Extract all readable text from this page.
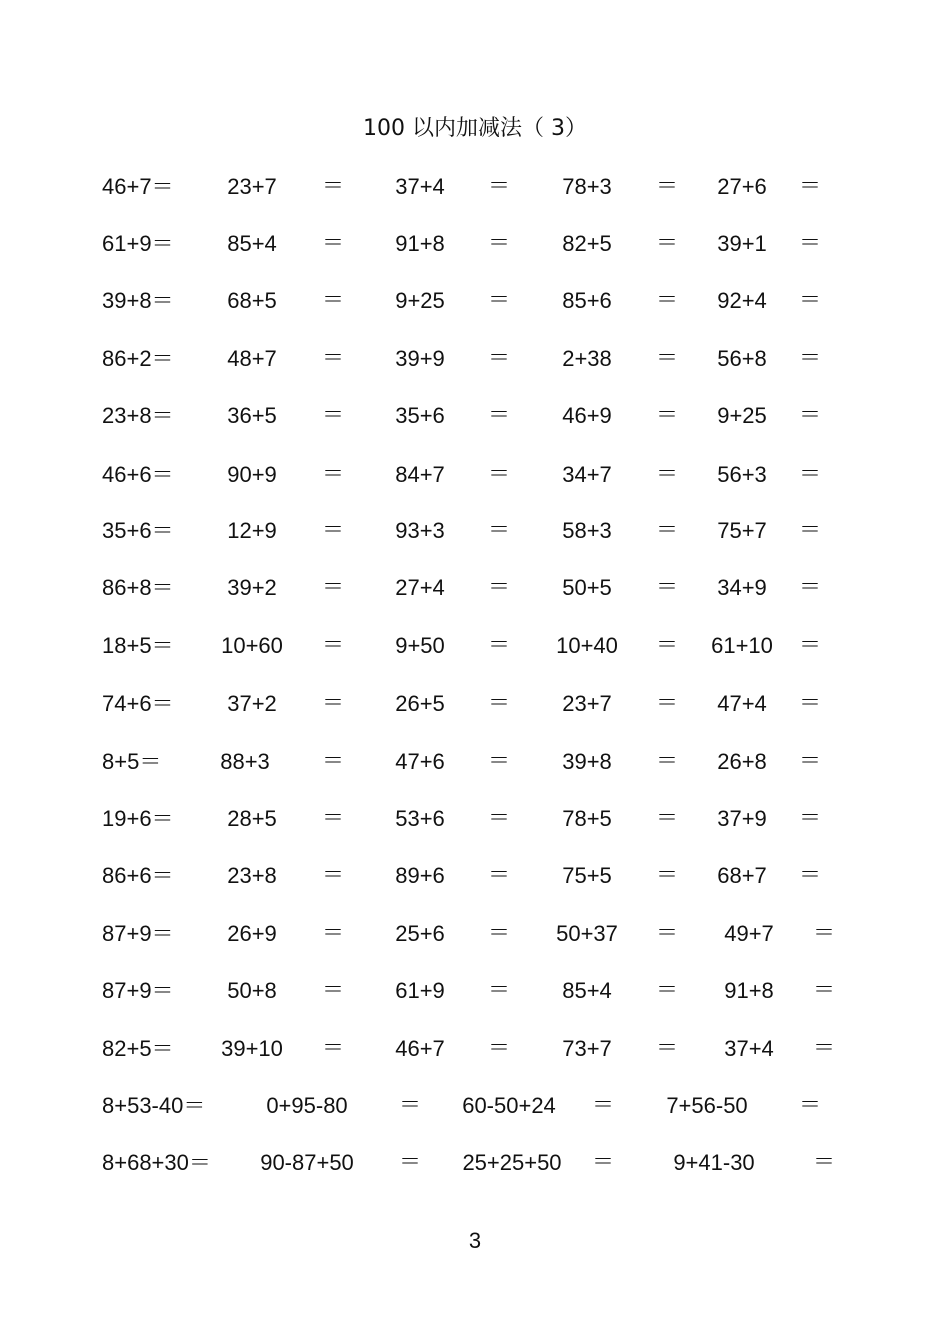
100 以内加减法（ 3）
46+7＝	23+7	＝	37+4	＝	78+3	＝	27+6	＝
61+9＝	85+4	＝	91+8	＝	82+5	＝	39+1	＝
39+8＝	68+5	＝	9+25	＝	85+6	＝	92+4	＝
86+2＝	48+7	＝	39+9	＝	2+38	＝	56+8	＝
23+8＝	36+5	＝	35+6	＝	46+9	＝	9+25	＝
46+6＝	90+9	＝	84+7	＝	34+7	＝	56+3	＝
35+6＝	12+9	＝	93+3	＝	58+3	＝	75+7	＝
86+8＝	39+2	＝	27+4	＝	50+5	＝	34+9	＝
18+5＝	10+60	＝	9+50	＝	10+40	＝	61+10	＝
74+6＝	37+2	＝	26+5	＝	23+7	＝	47+4	＝
8+5＝	88+3	＝	47+6	＝	39+8	＝	26+8	＝
19+6＝	28+5	＝	53+6	＝	78+5	＝	37+9	＝
86+6＝	23+8	＝	89+6	＝	75+5	＝	68+7	＝
87+9＝	26+9	＝	25+6	＝	50+37	＝	49+7	＝
87+9＝	50+8	＝	61+9	＝	85+4	＝	91+8	＝
82+5＝	39+10	＝	46+7	＝	73+7	＝	37+4	＝
8+53-40＝	0+95-80	＝	60-50+24	＝	7+56-50	＝
8+68+30＝	90-87+50	＝	25+25+50	＝	9+41-30	＝
3
